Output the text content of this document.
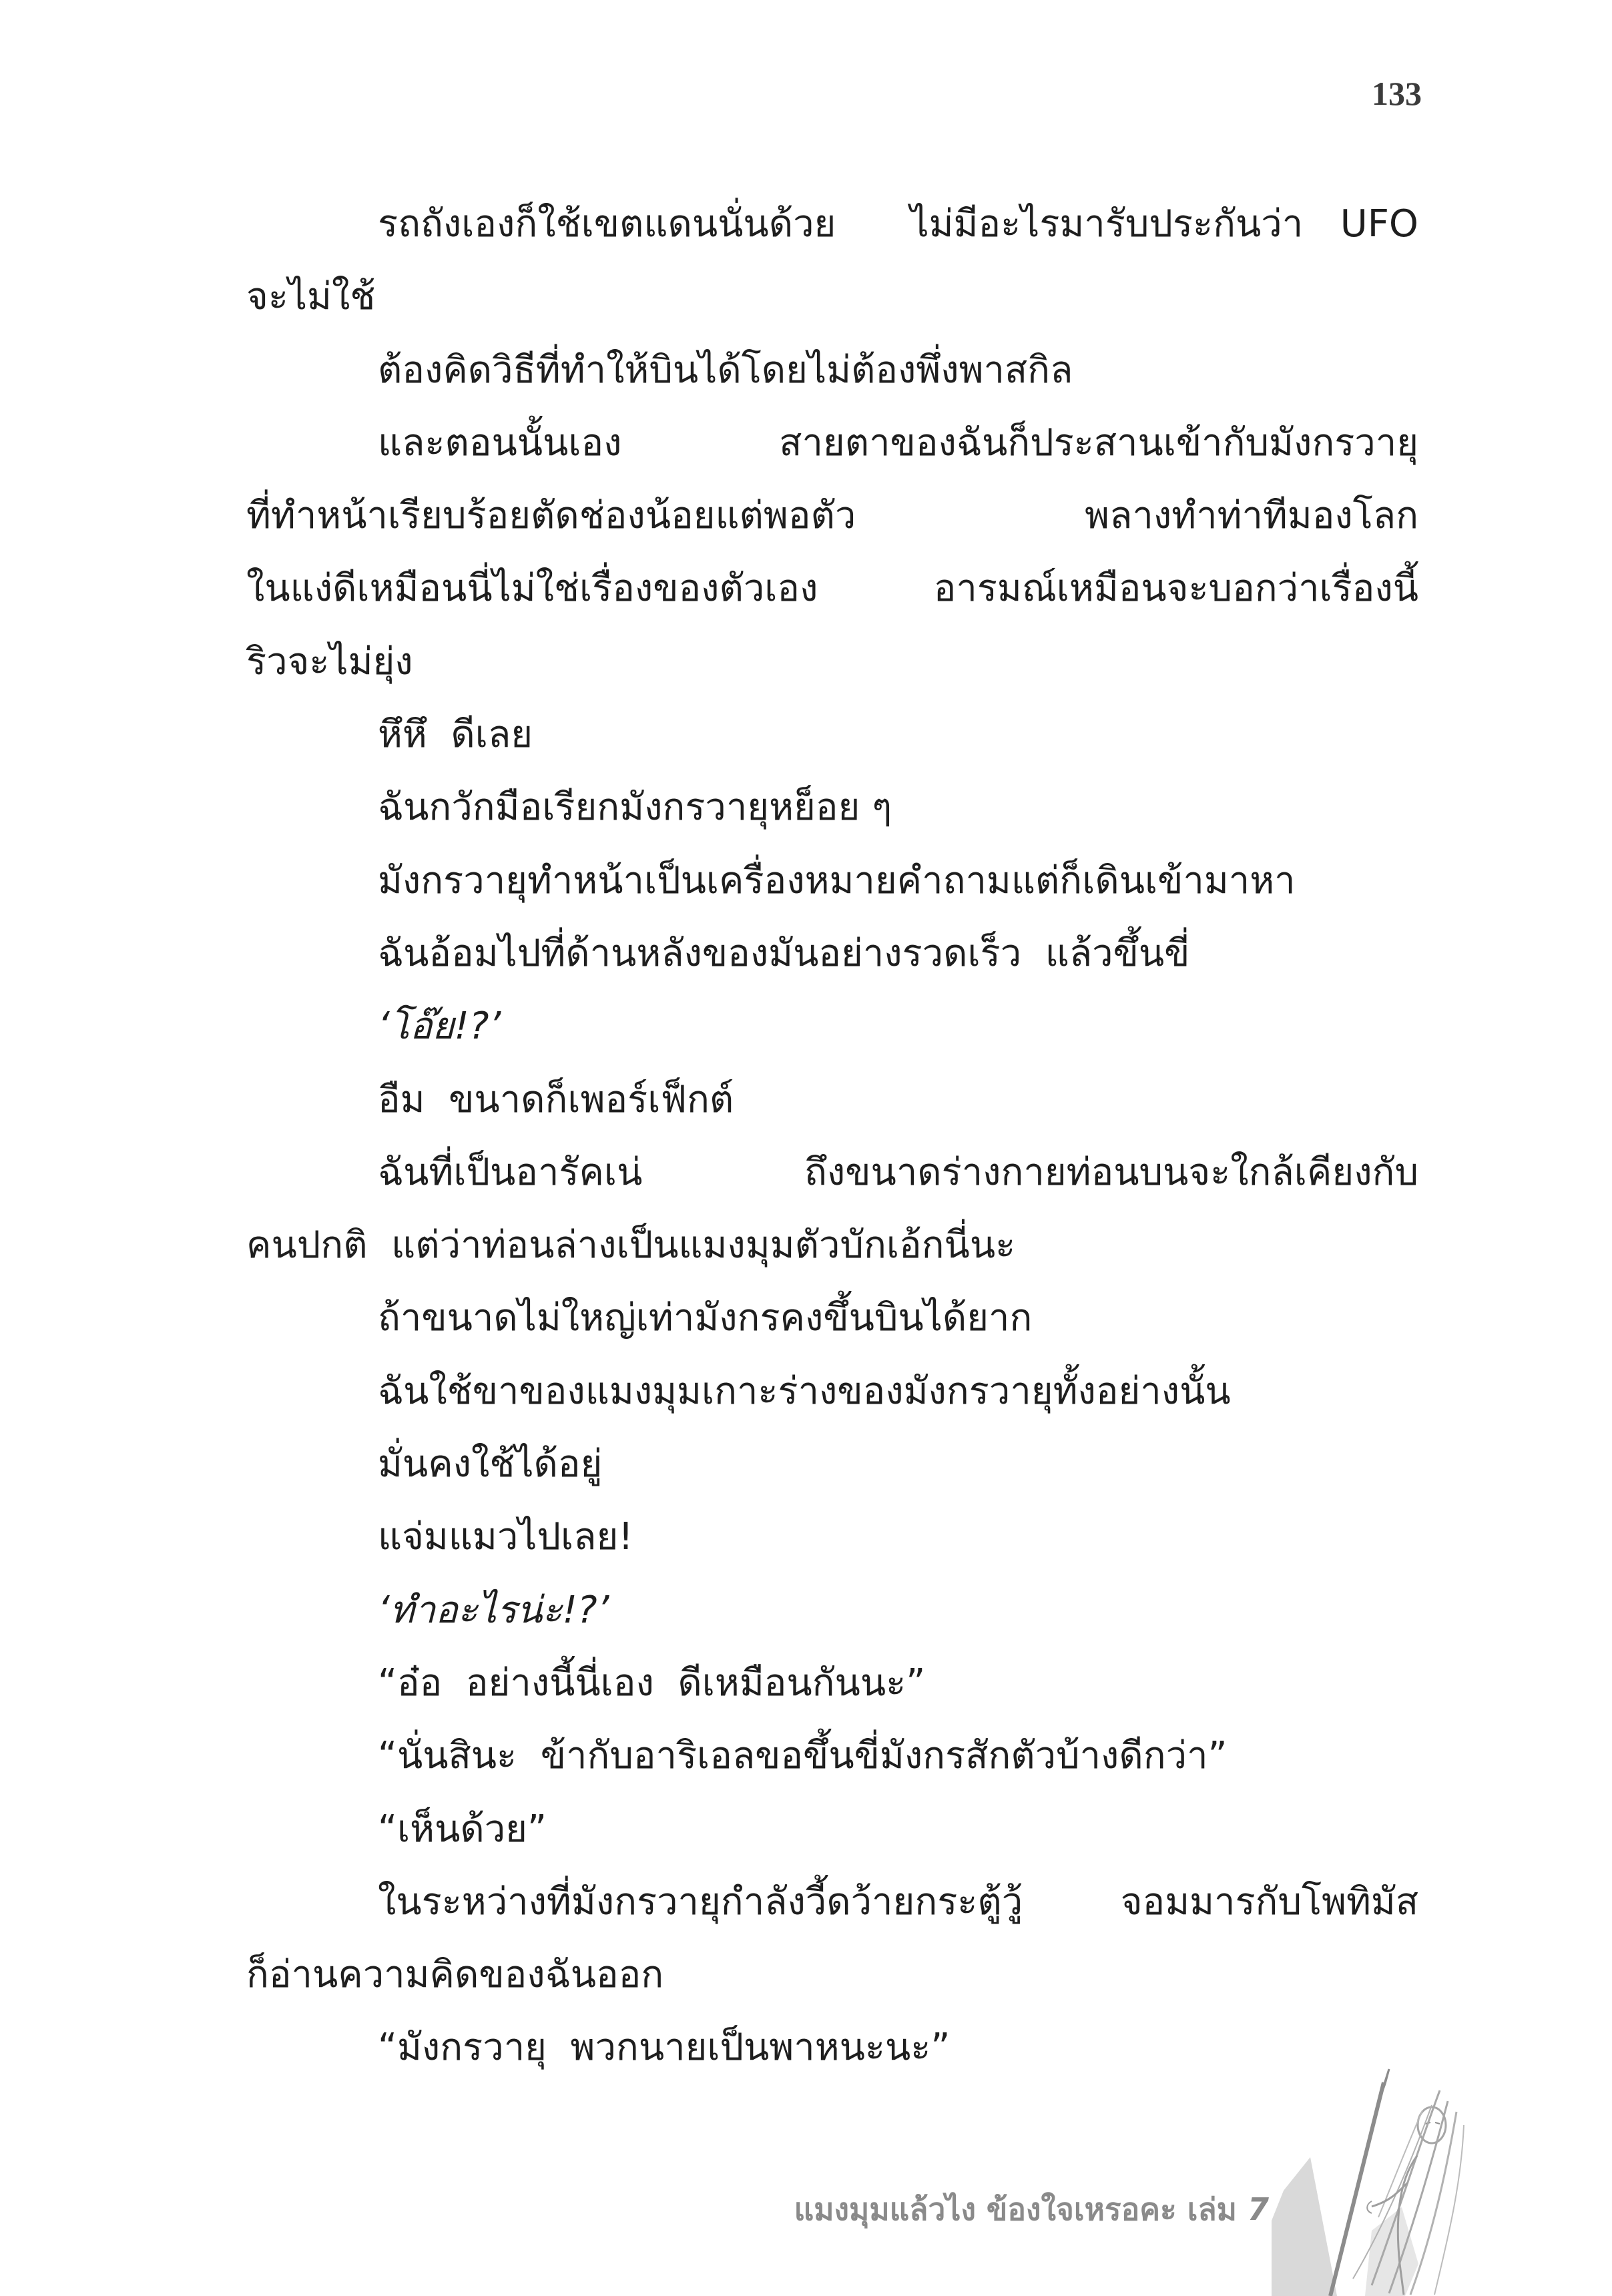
133
รถถังเองก็ใช้เขตแดนนั่นด้วย  ไม่มีอะไรมารับประกันว่า UFO
จะไม่ใช้
ต้องคิดวิธีที่ทำให้บินได้โดยไม่ต้องพึ่งพาสกิล
และตอนนั้นเอง  สายตาของฉันก็ประสานเข้ากับมังกรวายุ
ที่ทำหน้าเรียบร้อยตัดช่องน้อยแต่พอตัว  พลางทำท่าทีมองโลก
ในแง่ดีเหมือนนี่ไม่ใช่เรื่องของตัวเอง  อารมณ์เหมือนจะบอกว่าเรื่องนี้
ริวจะไม่ยุ่ง
หึหึ  ดีเลย
ฉันกวักมือเรียกมังกรวายุหย็อย ๆ
มังกรวายุทำหน้าเป็นเครื่องหมายคำถามแต่ก็เดินเข้ามาหา
ฉันอ้อมไปที่ด้านหลังของมันอย่างรวดเร็ว  แล้วขึ้นขี่
‘โอ๊ย!?’
อืม  ขนาดก็เพอร์เฟ็กต์
ฉันที่เป็นอารัคเน่  ถึงขนาดร่างกายท่อนบนจะใกล้เคียงกับ
คนปกติ  แต่ว่าท่อนล่างเป็นแมงมุมตัวบักเอ้กนี่นะ
ถ้าขนาดไม่ใหญ่เท่ามังกรคงขึ้นบินได้ยาก
ฉันใช้ขาของแมงมุมเกาะร่างของมังกรวายุทั้งอย่างนั้น
มั่นคงใช้ได้อยู่
แจ่มแมวไปเลย!
‘ทำอะไรน่ะ!?’
“อ๋อ  อย่างนี้นี่เอง  ดีเหมือนกันนะ”
“นั่นสินะ  ข้ากับอาริเอลขอขึ้นขี่มังกรสักตัวบ้างดีกว่า”
“เห็นด้วย”
ในระหว่างที่มังกรวายุกำลังวี้ดว้ายกระตู้วู้  จอมมารกับโพทิมัส
ก็อ่านความคิดของฉันออก
“มังกรวายุ  พวกนายเป็นพาหนะนะ”
แมงมุมแล้วไง ข้องใจเหรอคะ เล่ม 7
